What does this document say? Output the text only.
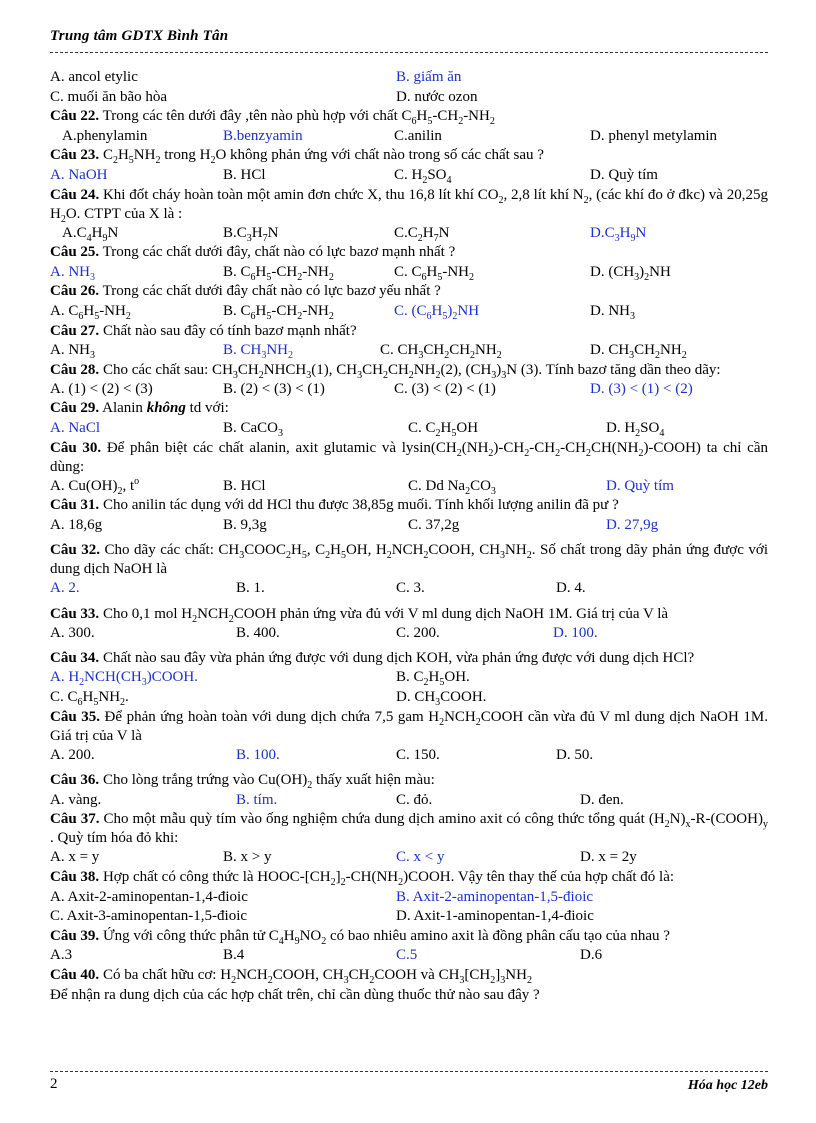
Trung tâm GDTX Bình Tân
A. ancol etylic	B. giấm ăn
C. muối ăn bão hòa	D. nước ozon
Câu 22. Trong các tên dưới đây ,tên nào phù hợp với chất $C_6H_5-CH_2-NH_2$
A.phenylamin	B.benzyamin	C.anilin	D. phenyl metylamin
Câu 23. $C_2H_5NH_2$ trong $H_2O$ không phản ứng với chất nào trong số các chất sau ?
A. NaOH	B. HCl	C. $H_2SO_4$	D. Quỳ tím
Câu 24. Khi đốt cháy hoàn toàn một amin đơn chức X, thu 16,8 lít khí $CO_2$, 2,8 lít khí $N_2$, (các khí đo ở đkc) và 20,25g $H_2O$. CTPT của X là :
$A.C_4H_9N$	$B.C_3H_7N$	$C.C_2H_7N$	$D.C_3H_9N$
Câu 25. Trong các chất dưới đây, chất nào có lực bazơ mạnh nhất ?
A. $NH_3$	B. $C_6H_5-CH_2-NH_2$	C. $C_6H_5-NH_2$	D. $(CH_3)_2NH$
Câu 26. Trong các chất dưới đây chất nào có lực bazơ yếu nhất ?
A. $C_6H_5-NH_2$	B. $C_6H_5-CH_2-NH_2$	C. $(C_6H_5)_2NH$	D. $NH_3$
Câu 27. Chất nào sau đây có tính bazơ mạnh nhất?
A. $NH_3$	B. $CH_3NH_2$	C. $CH_3CH_2CH_2NH_2$	D. $CH_3CH_2NH_2$
Câu 28. Cho các chất sau: $CH_3CH_2NHCH_3(1)$, $CH_3CH_2CH_2NH_2(2)$, $(CH_3)_3N$ (3). Tính bazơ tăng dần theo dãy:
A. (1) < (2) < (3)	B. (2) < (3) < (1)	C. (3) < (2) < (1)	D. (3) < (1) < (2)
Câu 29. Alanin không td với:
A. NaCl	B. CaCO$_3$	C. $C_2H_5OH$	D. $H_2SO_4$
Câu 30. Để phân biệt các chất alanin, axit glutamic và $lysin(CH_2(NH_2)-CH_2-CH_2-CH_2CH(NH_2)-COOH)$ ta chỉ cần dùng:
A. $Cu(OH)_2$, $t^o$	B. HCl	C. Dd $Na_2CO_3$	D. Quỳ tím
Câu 31. Cho anilin tác dụng với dd HCl thu được 38,85g muối. Tính khối lượng anilin đã pư ?
A. 18,6g	B. 9,3g	C. 37,2g	D. 27,9g
Câu 32. Cho dãy các chất: $CH_3COOC_2H_5$, $C_2H_5OH$, $H_2NCH_2COOH$, $CH_3NH_2$. Số chất trong dãy phản ứng được với dung dịch NaOH là
A. 2.	B. 1.	C. 3.	D. 4.
Câu 33. Cho 0,1 mol $H_2NCH_2COOH$ phản ứng vừa đủ với V ml dung dịch NaOH 1M. Giá trị của V là
A. 300.	B. 400.	C. 200.	D. 100.
Câu 34. Chất nào sau đây vừa phản ứng được với dung dịch KOH, vừa phản ứng được với dung dịch HCl?
A. $H_2NCH(CH_3)COOH$.	B. $C_2H_5OH$.
C. $C_6H_5NH_2$.	D. $CH_3COOH$.
Câu 35. Để phản ứng hoàn toàn với dung dịch chứa 7,5 gam $H_2NCH_2COOH$ cần vừa đủ V ml dung dịch NaOH 1M. Giá trị của V là
A. 200.	B. 100.	C. 150.	D. 50.
Câu 36. Cho lòng trắng trứng vào $Cu(OH)_2$ thấy xuất hiện màu:
A. vàng.	B. tím.	C. đỏ.	D. đen.
Câu 37. Cho một mẫu quỳ tím vào ống nghiệm chứa dung dịch amino axit có công thức tổng quát $(H_2N)_x-R-(COOH)_y$ . Quỳ tím hóa đỏ khi:
A. x = y	B. x > y	C. x < y	D. x = 2y
Câu 38. Hợp chất có công thức là HOOC-$[CH_2]_2-CH(NH_2)COOH$. Vậy tên thay thế của hợp chất đó là:
A. Axit-2-aminopentan-1,4-đioic	B. Axit-2-aminopentan-1,5-đioic
C. Axit-3-aminopentan-1,5-đioic	D. Axit-1-aminopentan-1,4-đioic
Câu 39. Ứng với công thức phân tử $C_4H_9NO_2$ có bao nhiêu amino axit là đồng phân cấu tạo của nhau ?
A.3	B.4	C.5	D.6
Câu 40. Có ba chất hữu cơ: $H_2NCH_2COOH$, $CH_3CH_2COOH$ và $CH_3[CH_2]_3NH_2$
Để nhận ra dung dịch của các hợp chất trên, chỉ cần dùng thuốc thử nào sau đây ?
2	Hóa học 12eb
